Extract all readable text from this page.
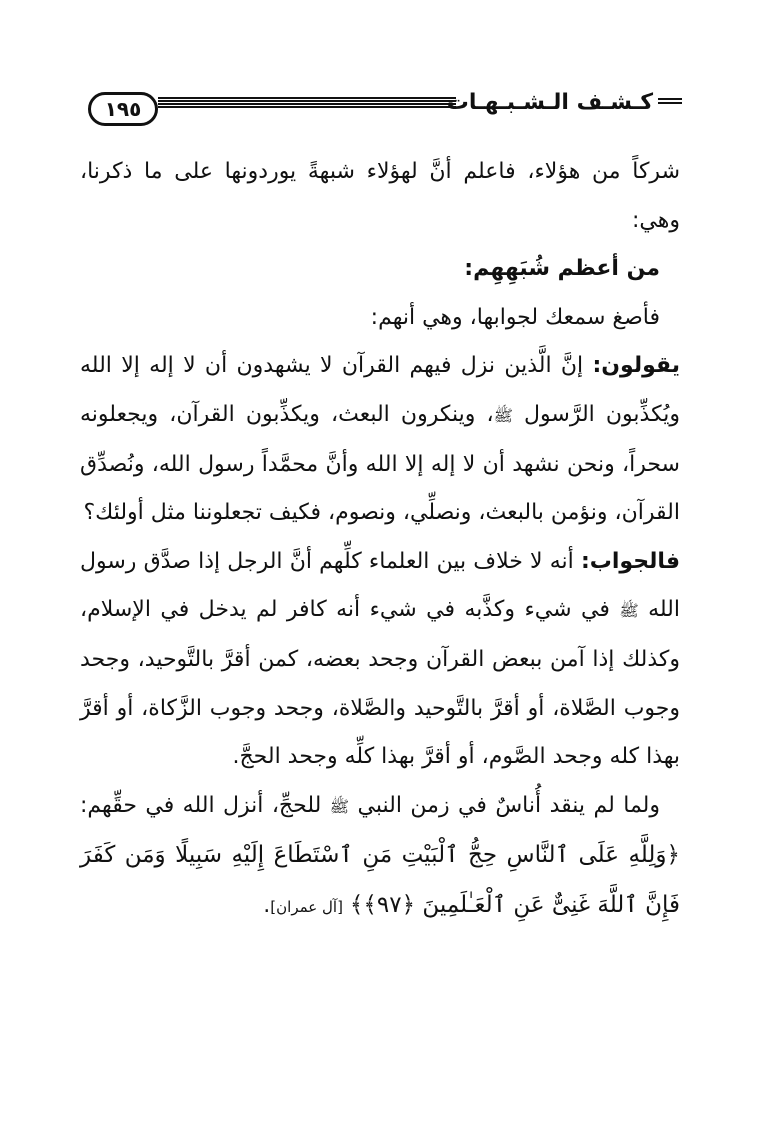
١٩٥	كـشـف الـشـبـهـات

شركاً من هؤلاء، فاعلم أنَّ لهؤلاء شبهةً يوردونها على ما ذكرنا، وهي:

من أعظم شُبَهِهِم:

فأصغ سمعك لجوابها، وهي أنهم:

يقولون: إنَّ الَّذين نزل فيهم القرآن لا يشهدون أن لا إله إلا الله ويُكذِّبون الرَّسول ﷺ، وينكرون البعث، ويكذِّبون القرآن، ويجعلونه سحراً، ونحن نشهد أن لا إله إلا الله وأنَّ محمَّداً رسول الله، ونُصدِّق القرآن، ونؤمن بالبعث، ونصلِّي، ونصوم، فكيف تجعلوننا مثل أولئك؟

فالجواب: أنه لا خلاف بين العلماء كلِّهم أنَّ الرجل إذا صدَّق رسول الله ﷺ في شيء وكذَّبه في شيء أنه كافر لم يدخل في الإسلام، وكذلك إذا آمن ببعض القرآن وجحد بعضه، كمن أقرَّ بالتَّوحيد، وجحد وجوب الصَّلاة، أو أقرَّ بالتَّوحيد والصَّلاة، وجحد وجوب الزَّكاة، أو أقرَّ بهذا كله وجحد الصَّوم، أو أقرَّ بهذا كلِّه وجحد الحجَّ.

ولما لم ينقد أُناسٌ في زمن النبي ﷺ للحجِّ، أنزل الله في حقِّهم: ﴿وَلِلَّهِ عَلَى ٱلنَّاسِ حِجُّ ٱلْبَيْتِ مَنِ ٱسْتَطَاعَ إِلَيْهِ سَبِيلًا وَمَن كَفَرَ فَإِنَّ ٱللَّهَ غَنِىٌّ عَنِ ٱلْعَـٰلَمِينَ ﴿٩٧﴾﴾ [آل عمران].
